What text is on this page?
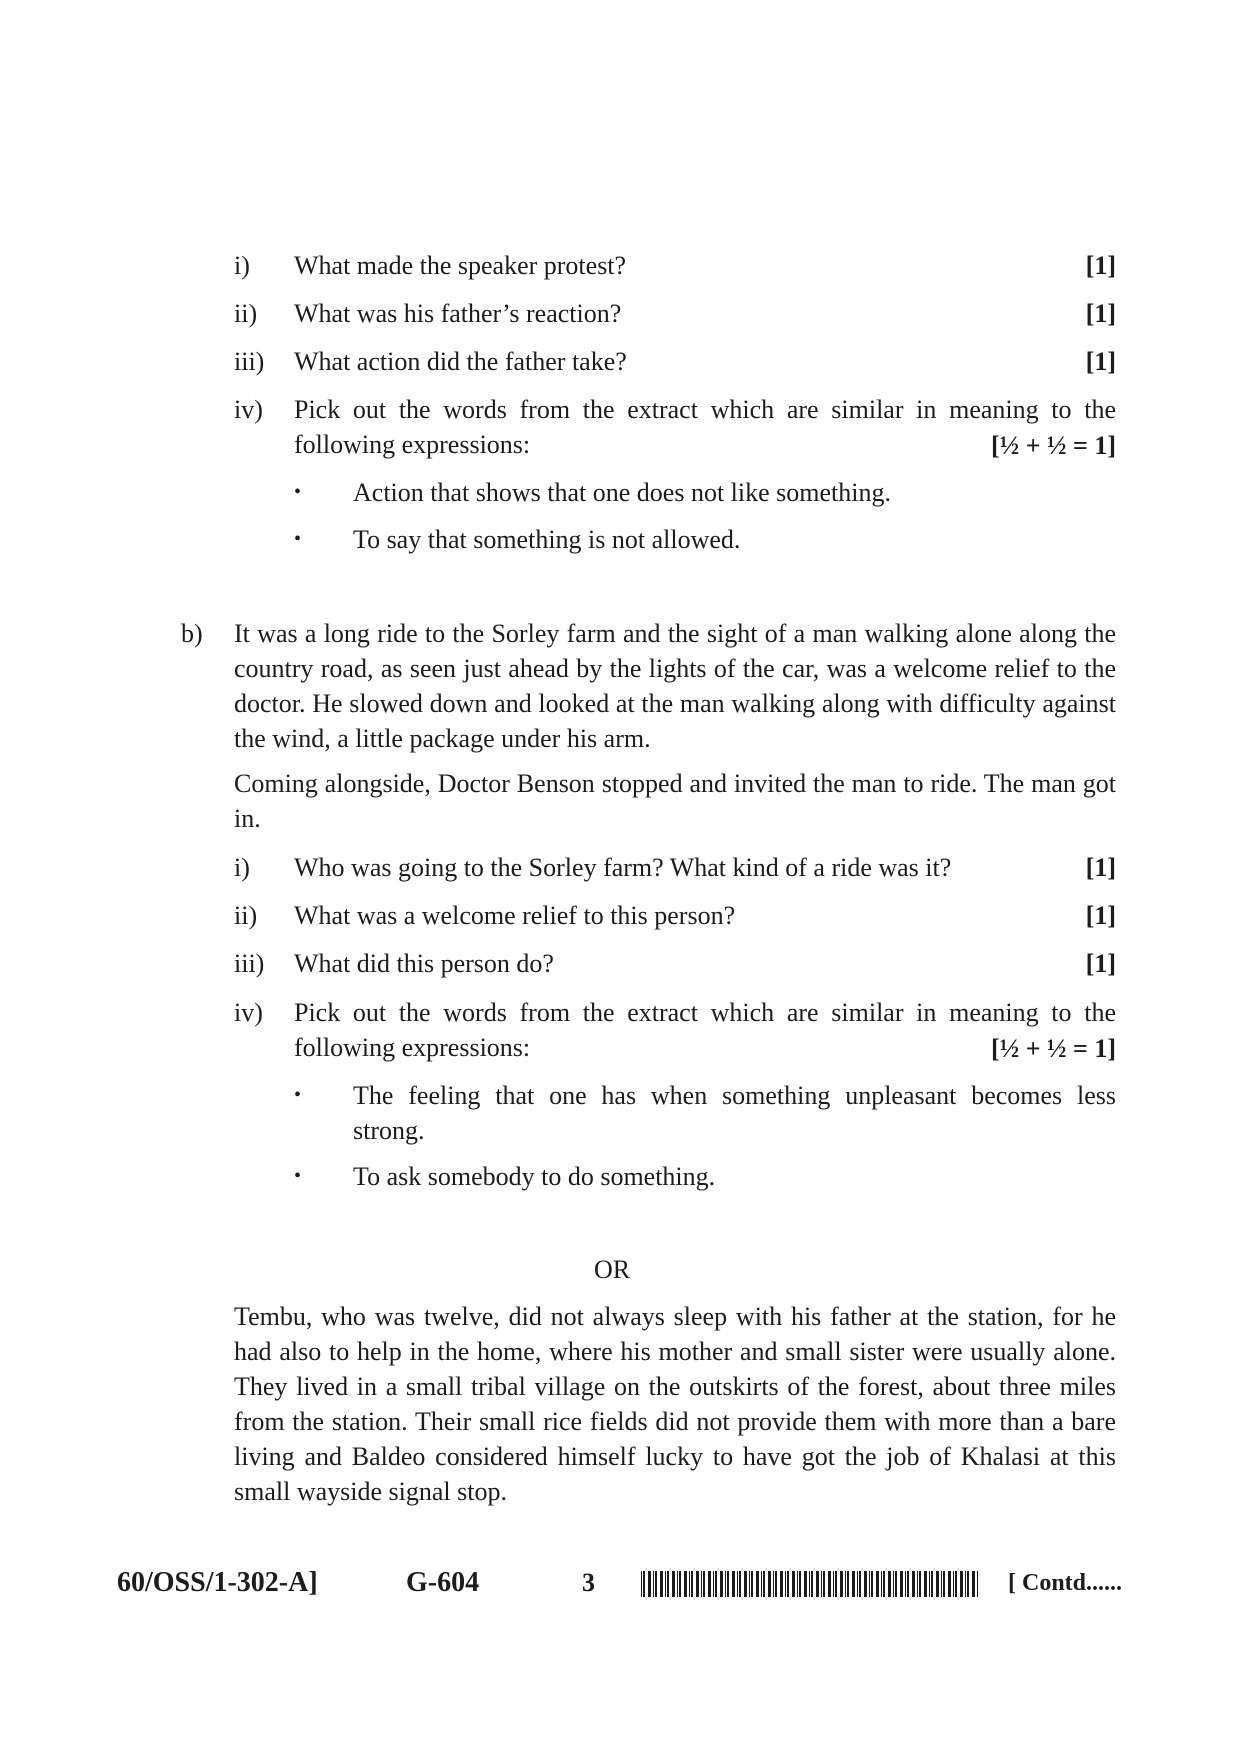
i) What made the speaker protest?	[1]
ii) What was his father’s reaction?	[1]
iii) What action did the father take?	[1]
iv) Pick out the words from the extract which are similar in meaning to the following expressions:	[½ + ½ = 1]
• Action that shows that one does not like something.
• To say that something is not allowed.
b) It was a long ride to the Sorley farm and the sight of a man walking alone along the country road, as seen just ahead by the lights of the car, was a welcome relief to the doctor. He slowed down and looked at the man walking along with difficulty against the wind, a little package under his arm.
Coming alongside, Doctor Benson stopped and invited the man to ride. The man got in.
i) Who was going to the Sorley farm? What kind of a ride was it?	[1]
ii) What was a welcome relief to this person?	[1]
iii) What did this person do?	[1]
iv) Pick out the words from the extract which are similar in meaning to the following expressions:	[½ + ½ = 1]
• The feeling that one has when something unpleasant becomes less strong.
• To ask somebody to do something.
OR
Tembu, who was twelve, did not always sleep with his father at the station, for he had also to help in the home, where his mother and small sister were usually alone. They lived in a small tribal village on the outskirts of the forest, about three miles from the station. Their small rice fields did not provide them with more than a bare living and Baldeo considered himself lucky to have got the job of Khalasi at this small wayside signal stop.
60/OSS/1-302-A]	G-604	3	[ Contd......
